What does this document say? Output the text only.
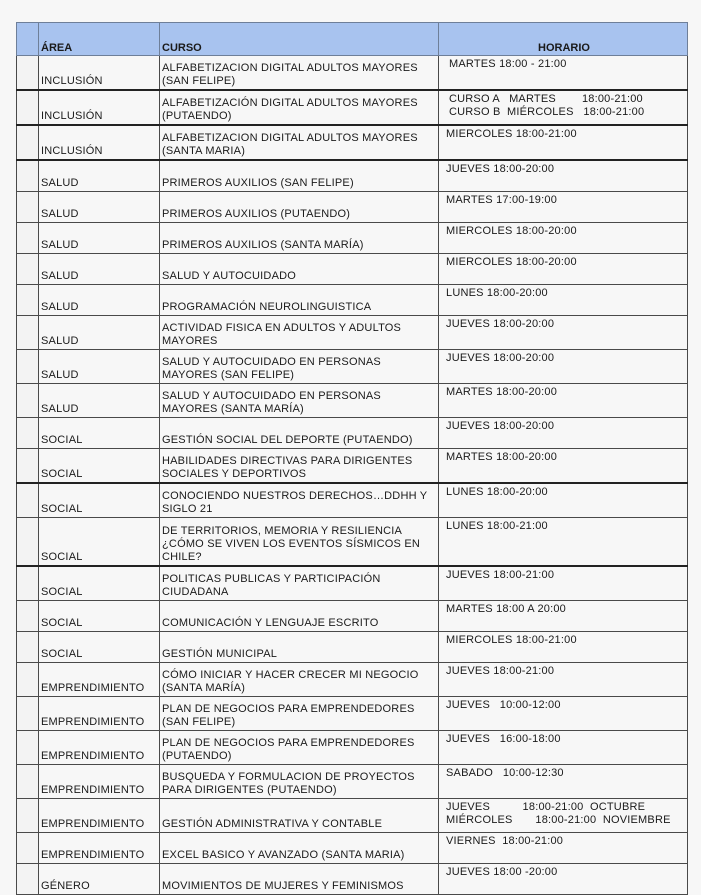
	ÁREA	CURSO	HORARIO
	INCLUSIÓN	ALFABETIZACION DIGITAL ADULTOS MAYORES
(SAN FELIPE)	MARTES 18:00 - 21:00

	INCLUSIÓN	ALFABETIZACIÓN DIGITAL ADULTOS MAYORES
(PUTAENDO)	CURSO A   MARTES        18:00-21:00
CURSO B  MIÉRCOLES   18:00-21:00

	INCLUSIÓN	ALFABETIZACION DIGITAL ADULTOS MAYORES
(SANTA MARIA)	MIERCOLES 18:00-21:00

	SALUD	PRIMEROS AUXILIOS (SAN FELIPE)	JUEVES 18:00-20:00

	SALUD	PRIMEROS AUXILIOS (PUTAENDO)	MARTES 17:00-19:00

	SALUD	PRIMEROS AUXILIOS (SANTA MARÍA)	MIERCOLES 18:00-20:00

	SALUD	SALUD Y AUTOCUIDADO	MIERCOLES 18:00-20:00

	SALUD	PROGRAMACIÓN NEUROLINGUISTICA	LUNES 18:00-20:00

	SALUD	ACTIVIDAD FISICA EN ADULTOS Y ADULTOS
MAYORES	JUEVES 18:00-20:00

	SALUD	SALUD Y AUTOCUIDADO EN PERSONAS
MAYORES (SAN FELIPE)	JUEVES 18:00-20:00

	SALUD	SALUD Y AUTOCUIDADO EN PERSONAS
MAYORES (SANTA MARÍA)	MARTES 18:00-20:00

	SOCIAL	GESTIÓN SOCIAL DEL DEPORTE (PUTAENDO)	JUEVES 18:00-20:00

	SOCIAL	HABILIDADES DIRECTIVAS PARA DIRIGENTES
SOCIALES Y DEPORTIVOS	MARTES 18:00-20:00

	SOCIAL	CONOCIENDO NUESTROS DERECHOS…DDHH Y
SIGLO 21	LUNES 18:00-20:00

	SOCIAL	DE TERRITORIOS, MEMORIA Y RESILIENCIA
¿CÓMO SE VIVEN LOS EVENTOS SÍSMICOS EN
CHILE?	LUNES 18:00-21:00

	SOCIAL	POLITICAS PUBLICAS Y PARTICIPACIÓN
CIUDADANA	JUEVES 18:00-21:00

	SOCIAL	COMUNICACIÓN Y LENGUAJE ESCRITO	MARTES 18:00 A 20:00

	SOCIAL	GESTIÓN MUNICIPAL	MIERCOLES 18:00-21:00

	EMPRENDIMIENTO	CÓMO INICIAR Y HACER CRECER MI NEGOCIO
(SANTA MARÍA)	JUEVES 18:00-21:00

	EMPRENDIMIENTO	PLAN DE NEGOCIOS PARA EMPRENDEDORES
(SAN FELIPE)	JUEVES   10:00-12:00

	EMPRENDIMIENTO	PLAN DE NEGOCIOS PARA EMPRENDEDORES
(PUTAENDO)	JUEVES   16:00-18:00

	EMPRENDIMIENTO	BUSQUEDA Y FORMULACION DE PROYECTOS
PARA DIRIGENTES (PUTAENDO)	SABADO   10:00-12:30

	EMPRENDIMIENTO	GESTIÓN ADMINISTRATIVA Y CONTABLE	JUEVES          18:00-21:00  OCTUBRE
MIÉRCOLES       18:00-21:00  NOVIEMBRE

	EMPRENDIMIENTO	EXCEL BASICO Y AVANZADO (SANTA MARIA)	VIERNES  18:00-21:00

	GÉNERO	MOVIMIENTOS DE MUJERES Y FEMINISMOS	JUEVES 18:00 -20:00
